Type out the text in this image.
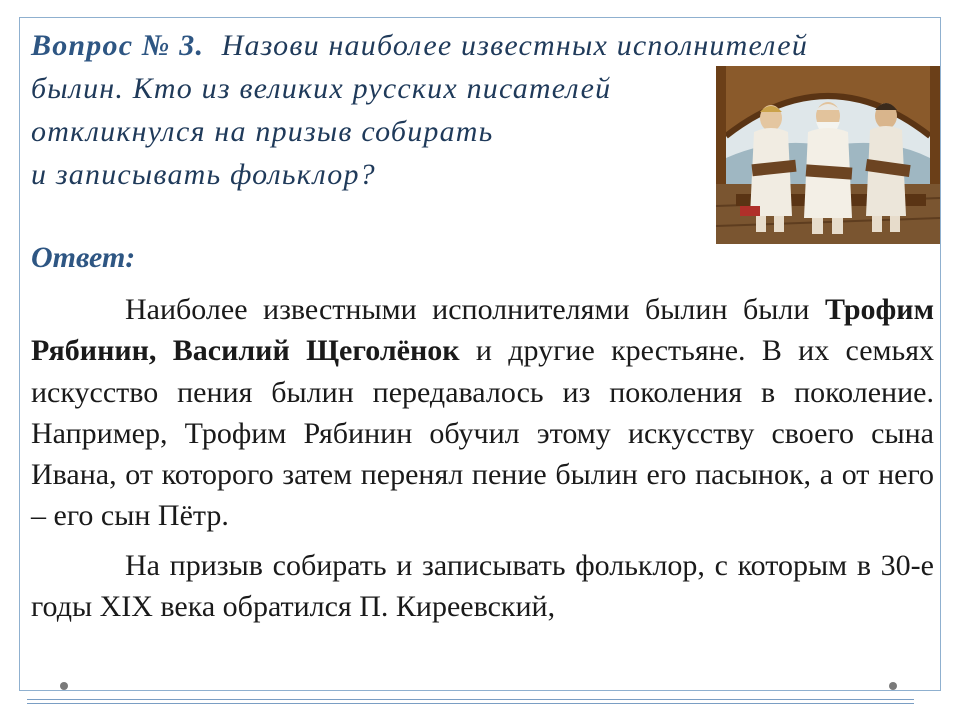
Вопрос № 3. Назови наиболее известных исполнителей
былин. Кто из великих русских писателей
откликнулся на призыв собирать
и записывать фольклор?
Ответ:

Наиболее известными исполнителями былин были Трофим Рябинин, Василий Щеголёнок и другие крестьяне. В их семьях искусство пения былин передавалось из поколения в поколение. Например, Трофим Рябинин обучил этому искусству своего сына Ивана, от которого затем перенял пение былин его пасынок, а от него – его сын Пётр.

На призыв собирать и записывать фольклор, с которым в 30-е годы XIX века обратился П. Киреевский,
